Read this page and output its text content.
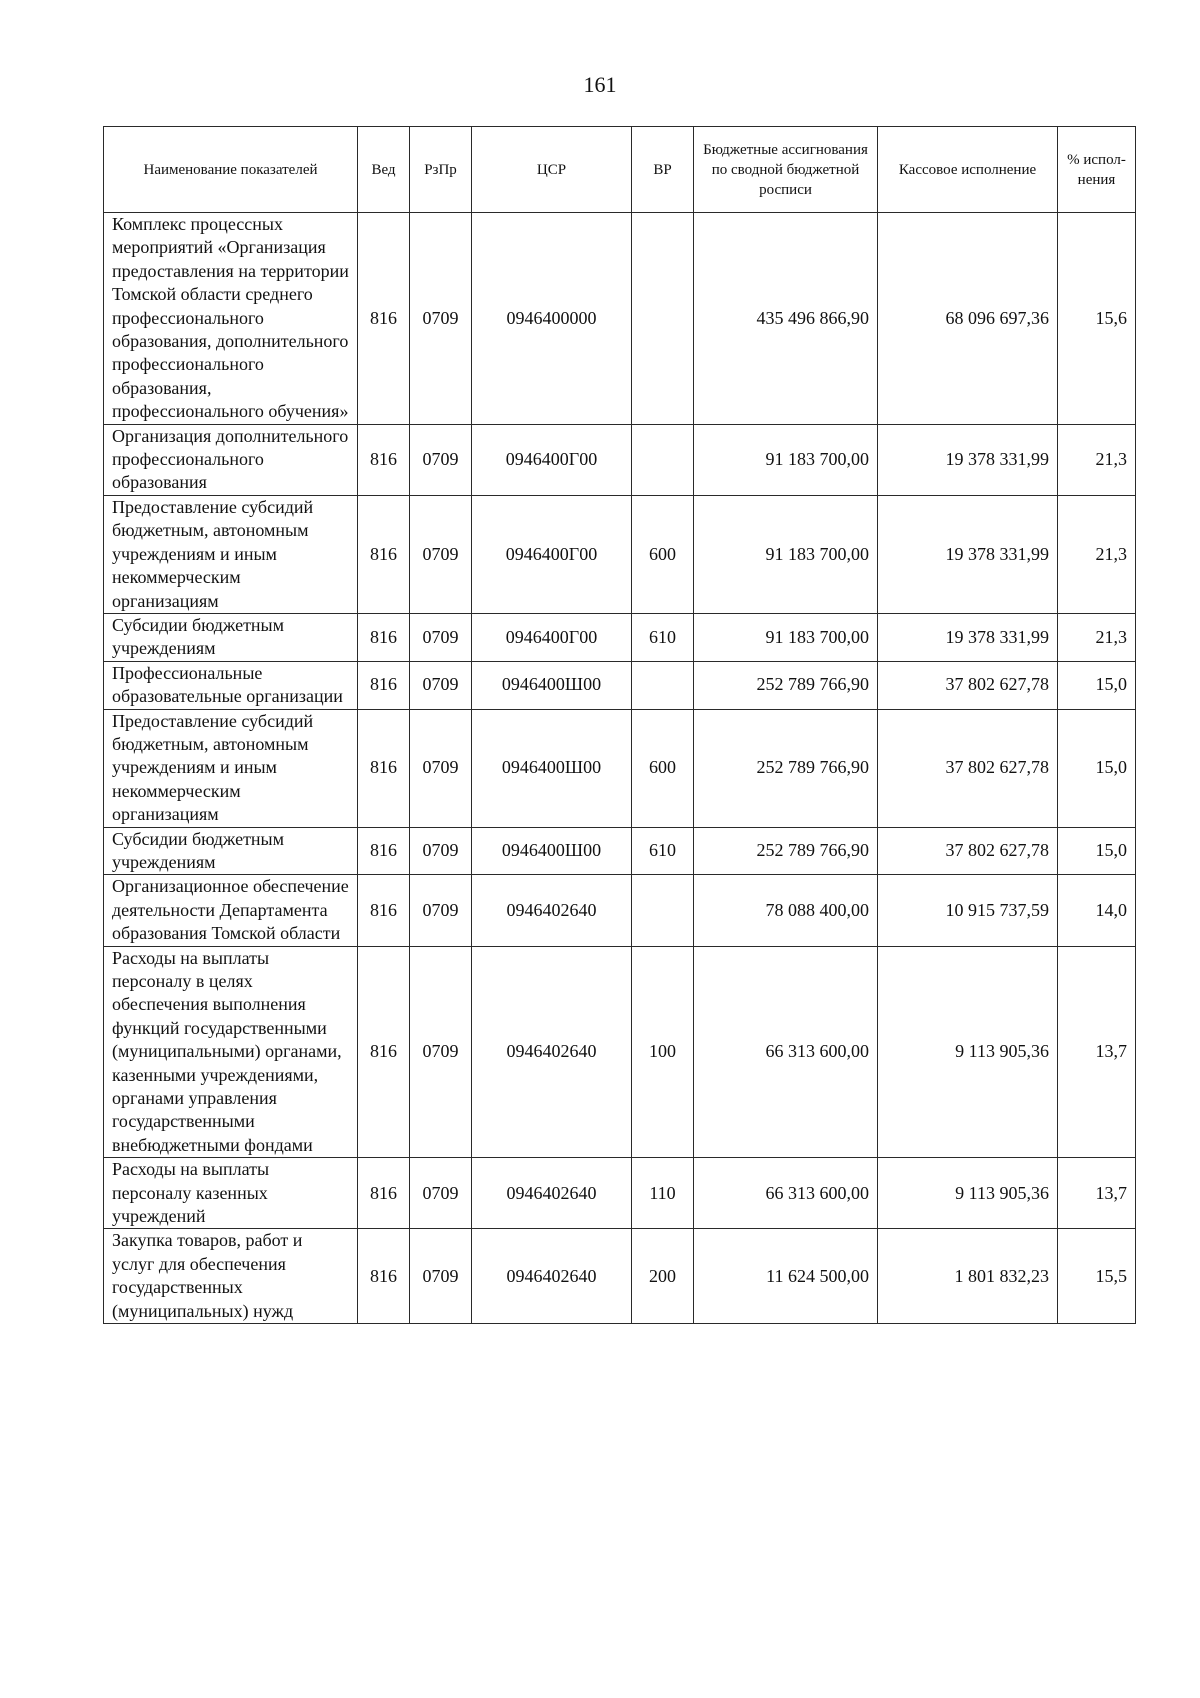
161
Наименование показателей	Вед	РзПр	ЦСР	ВР	Бюджетные ассигнования по сводной бюджетной росписи	Кассовое исполнение	% испол-нения
Комплекс процессных мероприятий «Организация предоставления на территории Томской области среднего профессионального образования, дополнительного профессионального образования, профессионального обучения»	816	0709	0946400000		435 496 866,90	68 096 697,36	15,6
Организация дополнительного профессионального образования	816	0709	0946400Г00		91 183 700,00	19 378 331,99	21,3
Предоставление субсидий бюджетным, автономным учреждениям и иным некоммерческим организациям	816	0709	0946400Г00	600	91 183 700,00	19 378 331,99	21,3
Субсидии бюджетным учреждениям	816	0709	0946400Г00	610	91 183 700,00	19 378 331,99	21,3
Профессиональные образовательные организации	816	0709	0946400Ш00		252 789 766,90	37 802 627,78	15,0
Предоставление субсидий бюджетным, автономным учреждениям и иным некоммерческим организациям	816	0709	0946400Ш00	600	252 789 766,90	37 802 627,78	15,0
Субсидии бюджетным учреждениям	816	0709	0946400Ш00	610	252 789 766,90	37 802 627,78	15,0
Организационное обеспечение деятельности Департамента образования Томской области	816	0709	0946402640		78 088 400,00	10 915 737,59	14,0
Расходы на выплаты персоналу в целях обеспечения выполнения функций государственными (муниципальными) органами, казенными учреждениями, органами управления государственными внебюджетными фондами	816	0709	0946402640	100	66 313 600,00	9 113 905,36	13,7
Расходы на выплаты персоналу казенных учреждений	816	0709	0946402640	110	66 313 600,00	9 113 905,36	13,7
Закупка товаров, работ и услуг для обеспечения государственных (муниципальных) нужд	816	0709	0946402640	200	11 624 500,00	1 801 832,23	15,5
